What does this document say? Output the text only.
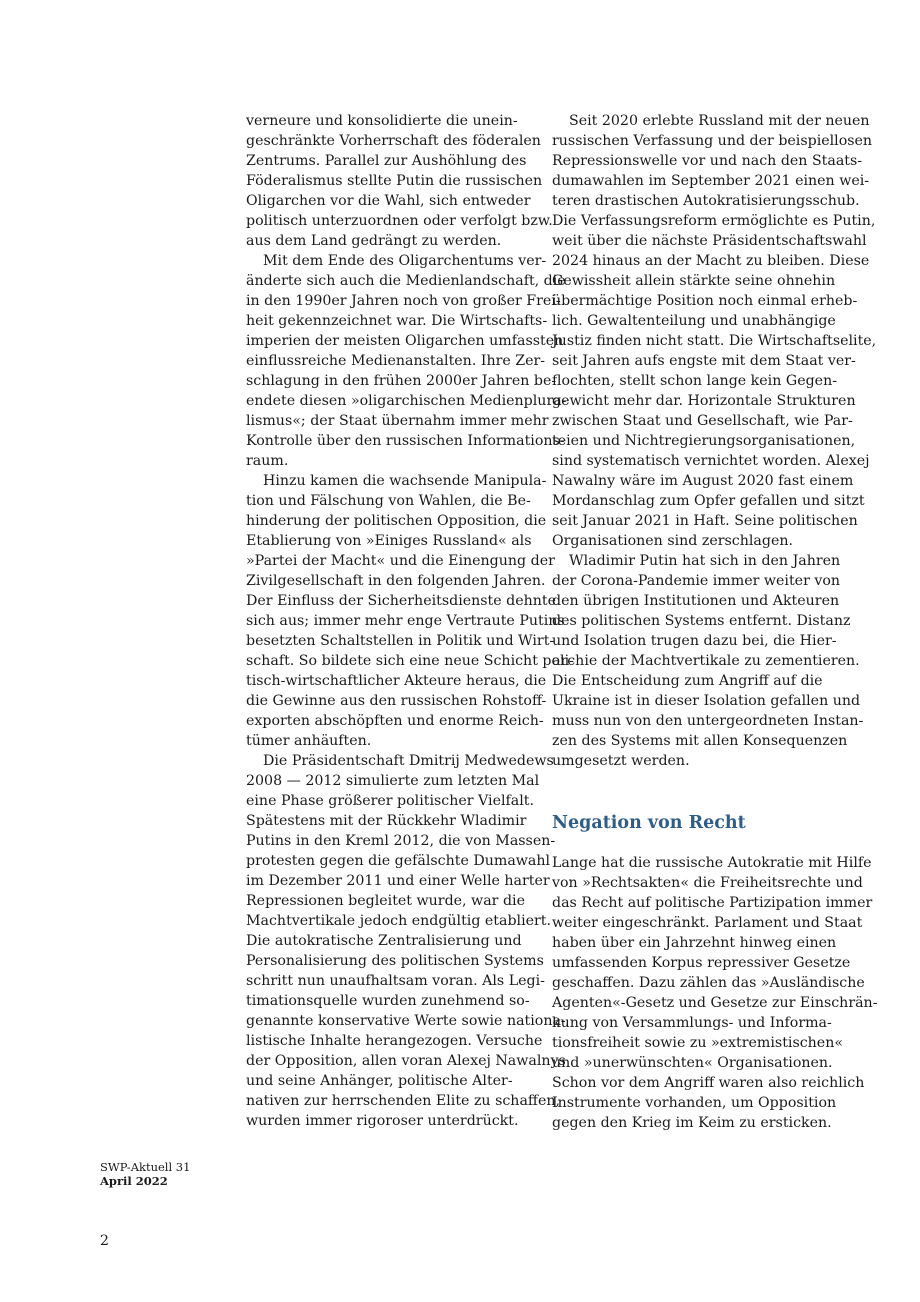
verneure und konsolidierte die unein-
geschränkte Vorherrschaft des föderalen
Zentrums. Parallel zur Aushöhlung des
Föderalismus stellte Putin die russischen
Oligarchen vor die Wahl, sich entweder
politisch unterzuordnen oder verfolgt bzw.
aus dem Land gedrängt zu werden.
Mit dem Ende des Oligarchentums ver-
änderte sich auch die Medienlandschaft, die
in den 1990er Jahren noch von großer Frei-
heit gekennzeichnet war. Die Wirtschafts-
imperien der meisten Oligarchen umfassten
einflussreiche Medienanstalten. Ihre Zer-
schlagung in den frühen 2000er Jahren be-
endete diesen »oligarchischen Medienplura-
lismus«; der Staat übernahm immer mehr
Kontrolle über den russischen Informations-
raum.
Hinzu kamen die wachsende Manipula-
tion und Fälschung von Wahlen, die Be-
hinderung der politischen Opposition, die
Etablierung von »Einiges Russland« als
»Partei der Macht« und die Einengung der
Zivilgesellschaft in den folgenden Jahren.
Der Einfluss der Sicherheitsdienste dehnte
sich aus; immer mehr enge Vertraute Putins
besetzten Schaltstellen in Politik und Wirt-
schaft. So bildete sich eine neue Schicht poli-
tisch-wirtschaftlicher Akteure heraus, die
die Gewinne aus den russischen Rohstoff-
exporten abschöpften und enorme Reich-
tümer anhäuften.
Die Präsidentschaft Dmitrij Medwedews
2008 — 2012 simulierte zum letzten Mal
eine Phase größerer politischer Vielfalt.
Spätestens mit der Rückkehr Wladimir
Putins in den Kreml 2012, die von Massen-
protesten gegen die gefälschte Dumawahl
im Dezember 2011 und einer Welle harter
Repressionen begleitet wurde, war die
Machtvertikale jedoch endgültig etabliert.
Die autokratische Zentralisierung und
Personalisierung des politischen Systems
schritt nun unaufhaltsam voran. Als Legi-
timationsquelle wurden zunehmend so-
genannte konservative Werte sowie nationa-
listische Inhalte herangezogen. Versuche
der Opposition, allen voran Alexej Nawalnys
und seine Anhänger, politische Alter-
nativen zur herrschenden Elite zu schaffen,
wurden immer rigoroser unterdrückt.
Seit 2020 erlebte Russland mit der neuen
russischen Verfassung und der beispiellosen
Repressionswelle vor und nach den Staats-
dumawahlen im September 2021 einen wei-
teren drastischen Autokratisierungsschub.
Die Verfassungsreform ermöglichte es Putin,
weit über die nächste Präsidentschaftswahl
2024 hinaus an der Macht zu bleiben. Diese
Gewissheit allein stärkte seine ohnehin
übermächtige Position noch einmal erheb-
lich. Gewaltenteilung und unabhängige
Justiz finden nicht statt. Die Wirtschaftselite,
seit Jahren aufs engste mit dem Staat ver-
flochten, stellt schon lange kein Gegen-
gewicht mehr dar. Horizontale Strukturen
zwischen Staat und Gesellschaft, wie Par-
teien und Nichtregierungsorganisationen,
sind systematisch vernichtet worden. Alexej
Nawalny wäre im August 2020 fast einem
Mordanschlag zum Opfer gefallen und sitzt
seit Januar 2021 in Haft. Seine politischen
Organisationen sind zerschlagen.
Wladimir Putin hat sich in den Jahren
der Corona-Pandemie immer weiter von
den übrigen Institutionen und Akteuren
des politischen Systems entfernt. Distanz
und Isolation trugen dazu bei, die Hier-
archie der Machtvertikale zu zementieren.
Die Entscheidung zum Angriff auf die
Ukraine ist in dieser Isolation gefallen und
muss nun von den untergeordneten Instan-
zen des Systems mit allen Konsequenzen
umgesetzt werden.
Negation von Recht
Lange hat die russische Autokratie mit Hilfe
von »Rechtsakten« die Freiheitsrechte und
das Recht auf politische Partizipation immer
weiter eingeschränkt. Parlament und Staat
haben über ein Jahrzehnt hinweg einen
umfassenden Korpus repressiver Gesetze
geschaffen. Dazu zählen das »Ausländische
Agenten«-Gesetz und Gesetze zur Einschrän-
kung von Versammlungs- und Informa-
tionsfreiheit sowie zu »extremistischen«
und »unerwünschten« Organisationen.
Schon vor dem Angriff waren also reichlich
Instrumente vorhanden, um Opposition
gegen den Krieg im Keim zu ersticken.
SWP-Aktuell 31
April 2022
2
